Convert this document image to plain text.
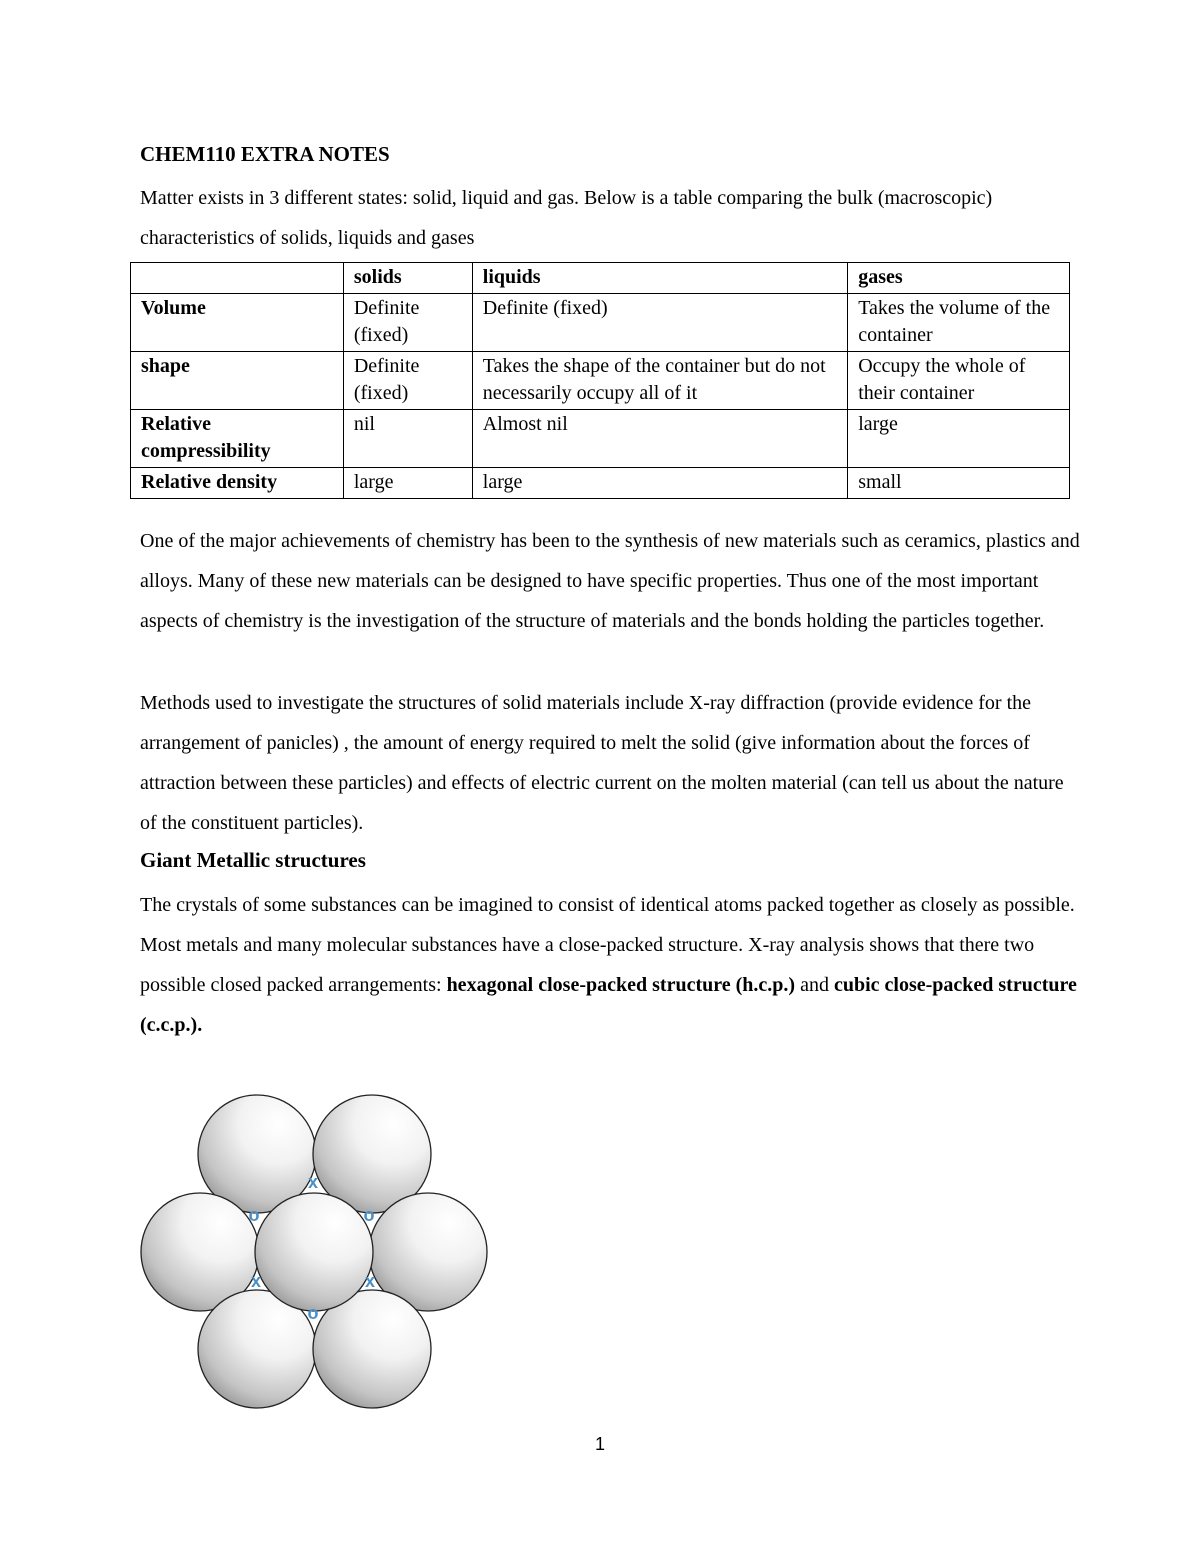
CHEM110 EXTRA NOTES

Matter exists in 3 different states: solid, liquid and gas. Below is a table comparing the bulk (macroscopic) characteristics of solids, liquids and gases

	solids	liquids	gases
Volume	Definite (fixed)	Definite (fixed)	Takes the volume of the container
shape	Definite (fixed)	Takes the shape of the container but do not necessarily occupy all of it	Occupy the whole of their container
Relative compressibility	nil	Almost nil	large
Relative density	large	large	small

One of the major achievements of chemistry has been to the synthesis of new materials such as ceramics, plastics and alloys. Many of these new materials can be designed to have specific properties. Thus one of the most important aspects of chemistry is the investigation of the structure of materials and the bonds holding the particles together.

Methods used to investigate the structures of solid materials include X-ray diffraction (provide evidence for the arrangement of panicles) , the amount of energy required to melt the solid (give information about the forces of attraction between these particles) and effects of electric current on the molten material (can tell us about the nature of the constituent particles).

Giant Metallic structures

The crystals of some substances can be imagined to consist of identical atoms packed together as closely as possible. Most metals and many molecular substances have a close-packed structure. X-ray analysis shows that there two possible closed packed arrangements: hexagonal close-packed structure (h.c.p.) and cubic close-packed structure (c.c.p.).

o
x
o
x
o
x
1
